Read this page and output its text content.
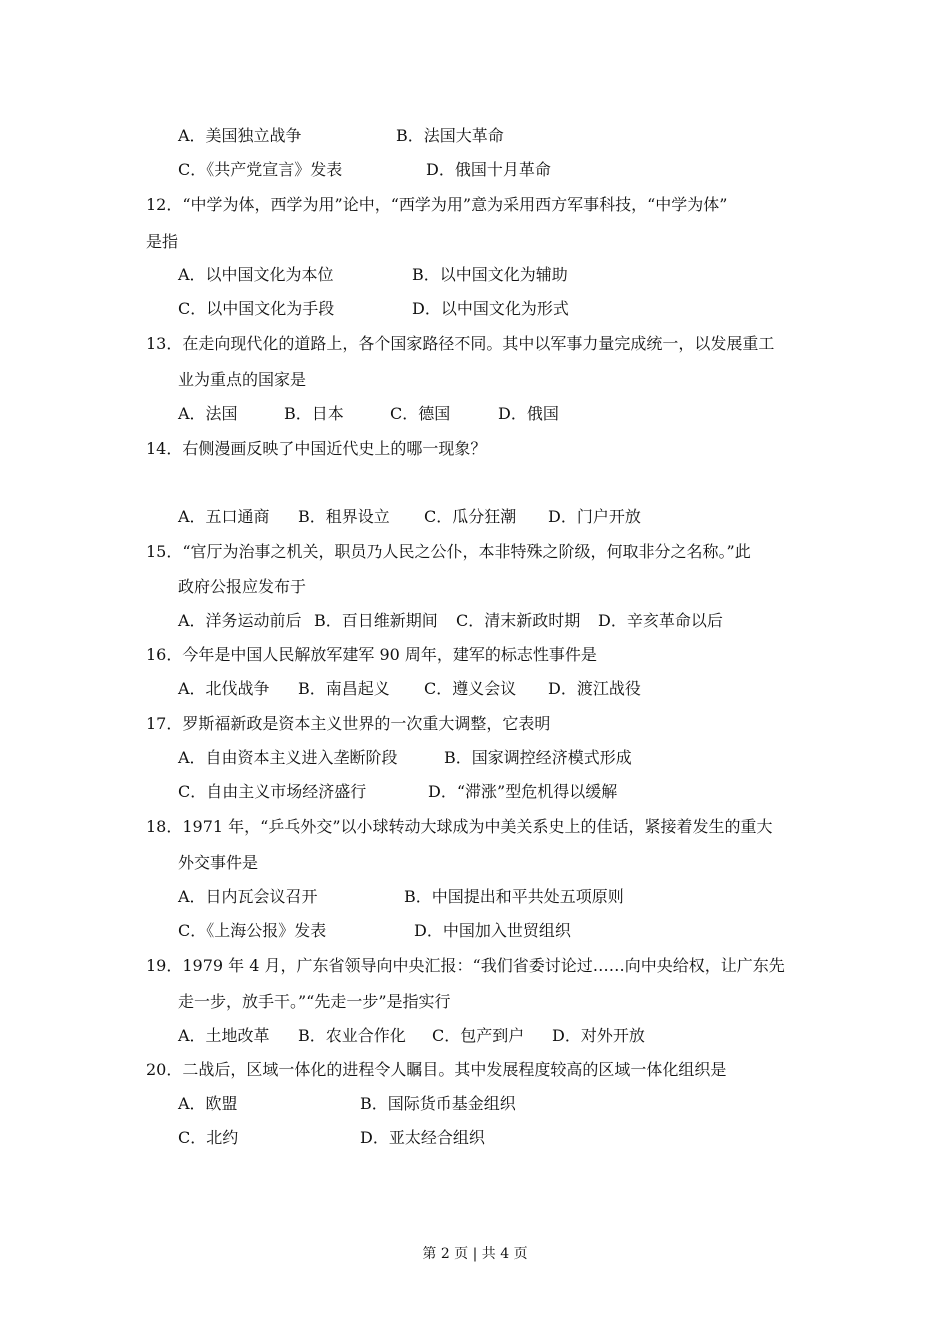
A．美国独立战争	B．法国大革命
C．《共产党宣言》发表	D．俄国十月革命
12．“中学为体，西学为用”论中，“西学为用”意为采用西方军事科技，“中学为体”
是指
A．以中国文化为本位	B．以中国文化为辅助
C．以中国文化为手段	D．以中国文化为形式
13．在走向现代化的道路上，各个国家路径不同。其中以军事力量完成统一，以发展重工
业为重点的国家是
A．法国	B．日本	C．德国	D．俄国
14．右侧漫画反映了中国近代史上的哪一现象？
A．五口通商 B．租界设立 C．瓜分狂潮 D．门户开放
15．“官厅为治事之机关，职员乃人民之公仆，本非特殊之阶级，何取非分之名称。”此
政府公报应发布于
A．洋务运动前后 B．百日维新期间 C．清末新政时期 D．辛亥革命以后
16．今年是中国人民解放军建军 90 周年，建军的标志性事件是
A．北伐战争 B．南昌起义 C．遵义会议 D．渡江战役
17．罗斯福新政是资本主义世界的一次重大调整，它表明
A．自由资本主义进入垄断阶段	B．国家调控经济模式形成
C．自由主义市场经济盛行	D．“滞涨”型危机得以缓解
18．1971 年，“乒乓外交”以小球转动大球成为中美关系史上的佳话，紧接着发生的重大
外交事件是
A．日内瓦会议召开	B．中国提出和平共处五项原则
C．《上海公报》发表	D．中国加入世贸组织
19．1979 年 4 月，广东省领导向中央汇报：“我们省委讨论过……向中央给权，让广东先
走一步，放手干。”“先走一步”是指实行
A．土地改革 B．农业合作化 C．包产到户 D．对外开放
20．二战后，区域一体化的进程令人瞩目。其中发展程度较高的区域一体化组织是
A．欧盟	B．国际货币基金组织
C．北约	D．亚太经合组织
第 2 页 | 共 4 页
